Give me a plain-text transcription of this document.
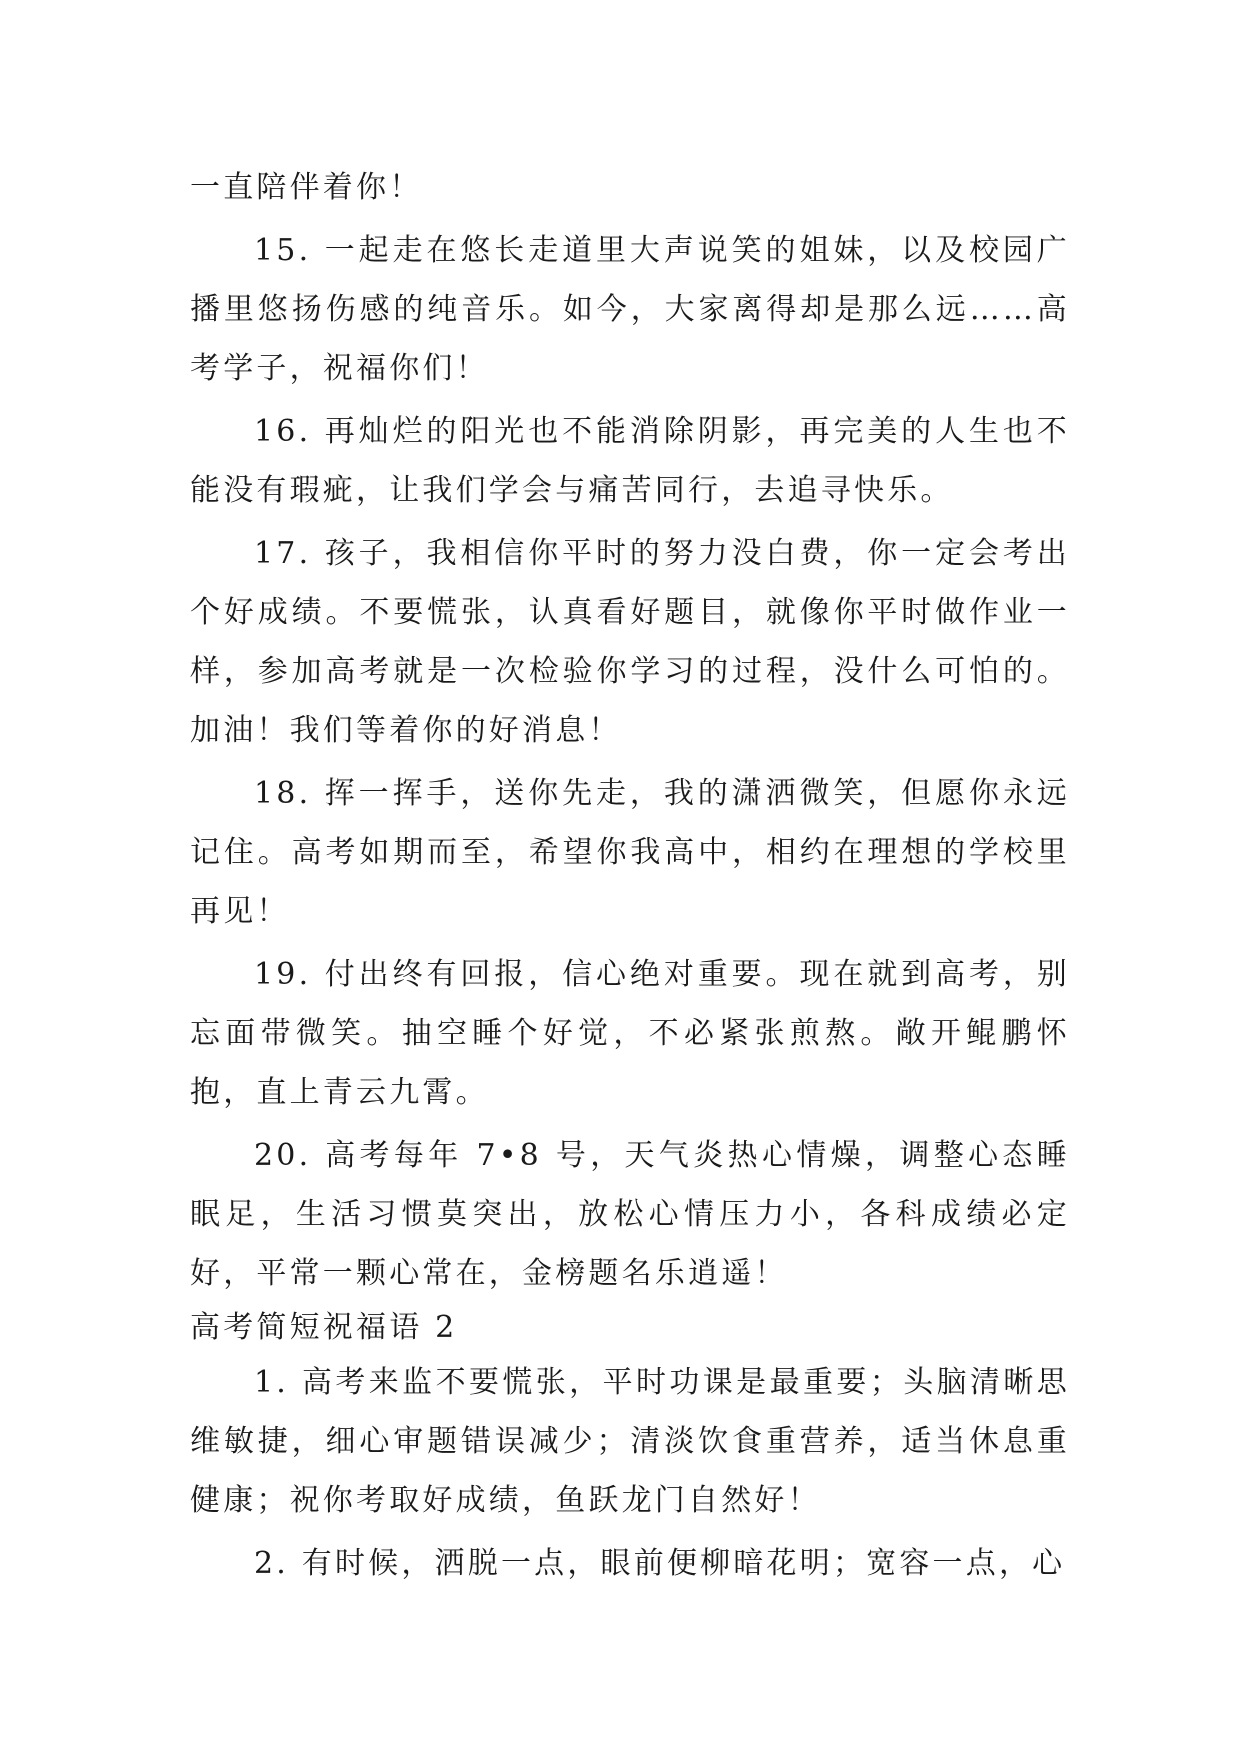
一直陪伴着你！

15. 一起走在悠长走道里大声说笑的姐妹，以及校园广播里悠扬伤感的纯音乐。如今，大家离得却是那么远……高考学子，祝福你们！

16. 再灿烂的阳光也不能消除阴影，再完美的人生也不能没有瑕疵，让我们学会与痛苦同行，去追寻快乐。

17. 孩子，我相信你平时的努力没白费，你一定会考出个好成绩。不要慌张，认真看好题目，就像你平时做作业一样，参加高考就是一次检验你学习的过程，没什么可怕的。加油！我们等着你的好消息！

18. 挥一挥手，送你先走，我的潇洒微笑，但愿你永远记住。高考如期而至，希望你我高中，相约在理想的学校里再见！

19. 付出终有回报，信心绝对重要。现在就到高考，别忘面带微笑。抽空睡个好觉，不必紧张煎熬。敞开鲲鹏怀抱，直上青云九霄。

20. 高考每年 7•8 号，天气炎热心情燥，调整心态睡眠足，生活习惯莫突出，放松心情压力小，各科成绩必定好，平常一颗心常在，金榜题名乐逍遥！

高考简短祝福语 2

1. 高考来监不要慌张，平时功课是最重要；头脑清晰思维敏捷，细心审题错误减少；清淡饮食重营养，适当休息重健康；祝你考取好成绩，鱼跃龙门自然好！

2. 有时候，洒脱一点，眼前便柳暗花明；宽容一点，心
